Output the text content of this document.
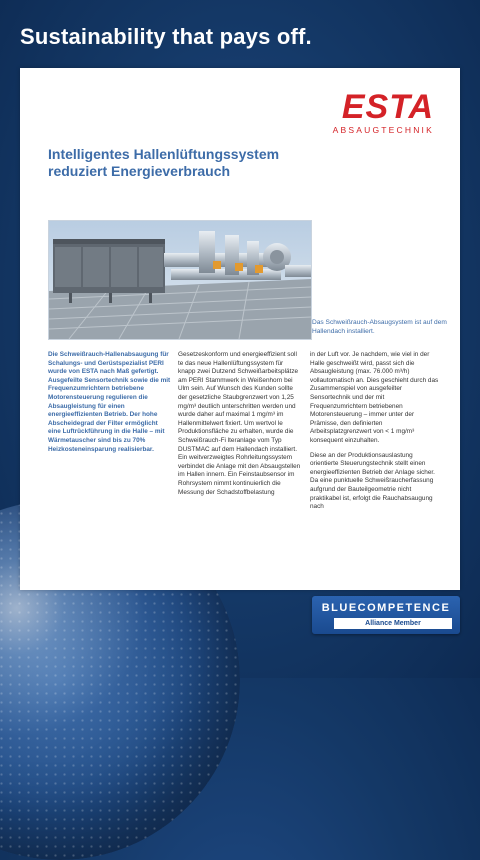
Sustainability that pays off.
ESTA
ABSAUGTECHNIK
Intelligentes Hallenlüftungssystem
reduziert Energieverbrauch

Das Schweißrauch-Absaugsystem ist auf dem Hallendach installiert.

Die Schweißrauch-Hallenabsaugung für Schalungs- und Gerüstspezialist PERI wurde von ESTA nach Maß gefertigt. Ausgefeilte Sensortechnik sowie die mit Frequenzumrichtern betriebene Motorensteuerung regulieren die Absaugleistung für einen energieeffizienten Betrieb. Der hohe Abscheidegrad der Filter ermöglicht eine Luftrückführung in die Halle – mit Wärmetauscher sind bis zu 70% Heizkosteneinsparung realisierbar.

Gesetzeskonform und energieeffizient soll te das neue Hallenlüftungssystem für knapp zwei Dutzend Schweißarbeitsplätze am PERI Stammwerk in Weißenhorn bei Ulm sein. Auf Wunsch des Kunden sollte der gesetzliche Staubgrenzwert von 1,25 mg/m³ deutlich unterschritten werden und wurde daher auf maximal 1 mg/m³ im Hallenmittelwert fixiert. Um wertvol le Produktionsfläche zu erhalten, wurde die Schweißrauch-Fi lteranlage vom Typ DUSTMAC auf dem Hallendach installiert. Ein weitverzweigtes Rohrleitungssystem verbindet die Anlage mit den Absaugstellen im Hallen innern. Ein Feinstaubsensor im Rohrsystem nimmt kontinuierlich die Messung der Schadstoffbelastung

in der Luft vor. Je nachdem, wie viel in der Halle geschweißt wird, passt sich die Absaugleistung (max. 76.000 m³/h) vollautomatisch an. Dies geschieht durch das Zusammenspiel von ausgefeilter Sensortechnik und der mit Frequenzumrichtern betriebenen Motorensteuerung – immer unter der Prämisse, den definierten Arbeitsplatzgrenzwert von < 1 mg/m³ konsequent einzuhalten.

Diese an der Produktionsauslastung orientierte Steuerungstechnik stellt einen energieeffizienten Betrieb der Anlage sicher. Da eine punktuelle Schweißraucherfassung aufgrund der Bauteilgeometrie nicht praktikabel ist, erfolgt die Rauchabsaugung nach

BLUECOMPETENCE
Alliance Member
